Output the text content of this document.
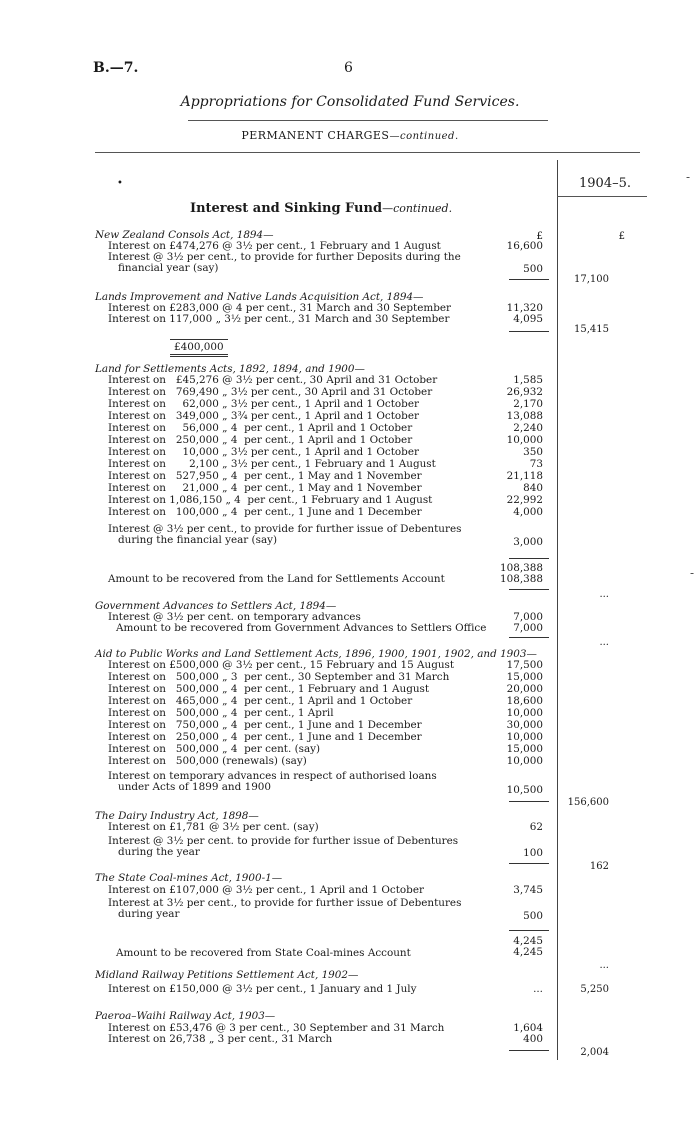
B.—7.	6
Appropriations for Consolidated Fund Services.
PERMANENT CHARGES—continued.
1904–5.
•
Interest and Sinking Fund—continued.
£	£
New Zealand Consols Act, 1894—
Interest on £474,276 @ 3½ per cent., 1 February and 1 August	16,600
Interest @ 3½ per cent., to provide for further Deposits during the
financial year (say)	500
17,100
Lands Improvement and Native Lands Acquisition Act, 1894—
Interest on £283,000 @ 4 per cent., 31 March and 30 September	11,320
Interest on 117,000 „ 3½ per cent., 31 March and 30 September	4,095
£400,000
15,415
Land for Settlements Acts, 1892, 1894, and 1900—
Interest on   £45,276 @ 3½ per cent., 30 April and 31 October	1,585
Interest on   769,490 „ 3½ per cent., 30 April and 31 October	26,932
Interest on     62,000 „ 3½ per cent., 1 April and 1 October	2,170
Interest on   349,000 „ 3¾ per cent., 1 April and 1 October	13,088
Interest on     56,000 „ 4  per cent., 1 April and 1 October	2,240
Interest on   250,000 „ 4  per cent., 1 April and 1 October	10,000
Interest on     10,000 „ 3½ per cent., 1 April and 1 October	350
Interest on       2,100 „ 3½ per cent., 1 February and 1 August	73
Interest on   527,950 „ 4  per cent., 1 May and 1 November	21,118
Interest on     21,000 „ 4  per cent., 1 May and 1 November	840
Interest on 1,086,150 „ 4  per cent., 1 February and 1 August	22,992
Interest on   100,000 „ 4  per cent., 1 June and 1 December	4,000
Interest @ 3½ per cent., to provide for further issue of Debentures
during the financial year (say)	3,000
108,388
Amount to be recovered from the Land for Settlements Account	108,388
...
Government Advances to Settlers Act, 1894—
Interest @ 3½ per cent. on temporary advances	7,000
Amount to be recovered from Government Advances to Settlers Office	7,000
...
Aid to Public Works and Land Settlement Acts, 1896, 1900, 1901, 1902, and 1903—
Interest on £500,000 @ 3½ per cent., 15 February and 15 August	17,500
Interest on   500,000 „ 3  per cent., 30 September and 31 March	15,000
Interest on   500,000 „ 4  per cent., 1 February and 1 August	20,000
Interest on   465,000 „ 4  per cent., 1 April and 1 October	18,600
Interest on   500,000 „ 4  per cent., 1 April	10,000
Interest on   750,000 „ 4  per cent., 1 June and 1 December	30,000
Interest on   250,000 „ 4  per cent., 1 June and 1 December	10,000
Interest on   500,000 „ 4  per cent. (say)	15,000
Interest on   500,000 (renewals) (say)	10,000
Interest on temporary advances in respect of authorised loans
under Acts of 1899 and 1900	10,500
156,600
The Dairy Industry Act, 1898—
Interest on £1,781 @ 3½ per cent. (say)	62
Interest @ 3½ per cent. to provide for further issue of Debentures
during the year	100
162
The State Coal-mines Act, 1900-1—
Interest on £107,000 @ 3½ per cent., 1 April and 1 October	3,745
Interest at 3½ per cent., to provide for further issue of Debentures
during year	500
4,245
Amount to be recovered from State Coal-mines Account	4,245
...
Midland Railway Petitions Settlement Act, 1902—
Interest on £150,000 @ 3½ per cent., 1 January and 1 July	...	5,250
Paeroa–Waihi Railway Act, 1903—
Interest on £53,476 @ 3 per cent., 30 September and 31 March	1,604
Interest on 26,738 „ 3 per cent., 31 March	400
2,004
-
-
